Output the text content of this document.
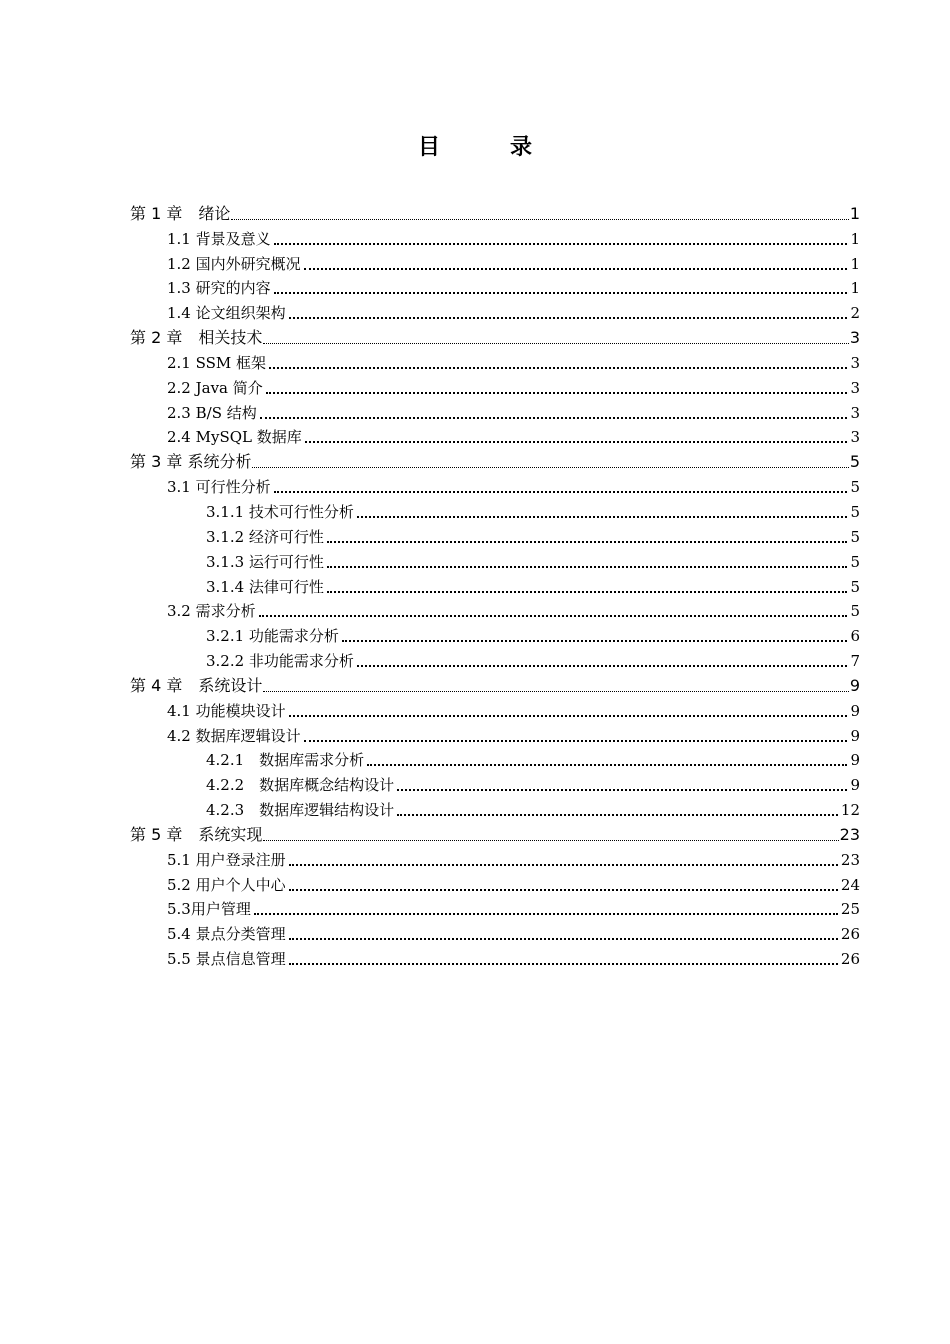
目　录
第 1 章　绪论	1
1.1 背景及意义	1
1.2 国内外研究概况	1
1.3 研究的内容	1
1.4 论文组织架构	2
第 2 章　相关技术	3
2.1 SSM 框架	3
2.2 Java 简介	3
2.3 B/S 结构	3
2.4 MySQL 数据库	3
第 3 章 系统分析	5
3.1 可行性分析	5
3.1.1 技术可行性分析	5
3.1.2 经济可行性	5
3.1.3 运行可行性	5
3.1.4 法律可行性	5
3.2 需求分析	5
3.2.1 功能需求分析	6
3.2.2 非功能需求分析	7
第 4 章　系统设计	9
4.1 功能模块设计	9
4.2 数据库逻辑设计	9
4.2.1　数据库需求分析	9
4.2.2　数据库概念结构设计	9
4.2.3　数据库逻辑结构设计	12
第 5 章　系统实现	23
5.1 用户登录注册	23
5.2 用户个人中心	24
5.3用户管理	25
5.4 景点分类管理	26
5.5 景点信息管理	26
